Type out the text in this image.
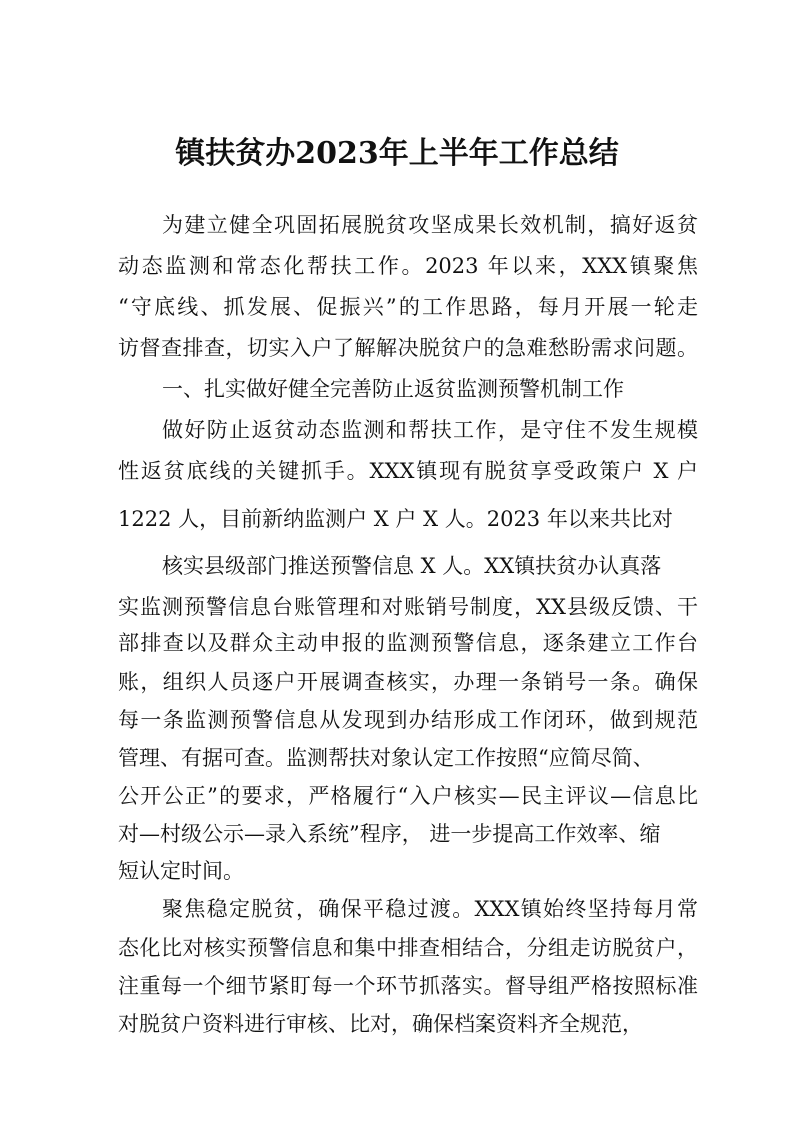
镇扶贫办2023年上半年工作总结
为建立健全巩固拓展脱贫攻坚成果长效机制，搞好返贫
动态监测和常态化帮扶工作。2023 年以来，XXX镇聚焦
“守底线、抓发展、促振兴”的工作思路，每月开展一轮走
访督查排查，切实入户了解解决脱贫户的急难愁盼需求问题。
一、扎实做好健全完善防止返贫监测预警机制工作
做好防止返贫动态监测和帮扶工作，是守住不发生规模
性返贫底线的关键抓手。XXX镇现有脱贫享受政策户 X 户
1222 人，目前新纳监测户 X 户 X 人。2023 年以来共比对
核实县级部门推送预警信息 X 人。XX镇扶贫办认真落
实监测预警信息台账管理和对账销号制度，XX县级反馈、干
部排查以及群众主动申报的监测预警信息，逐条建立工作台
账，组织人员逐户开展调查核实，办理一条销号一条。确保
每一条监测预警信息从发现到办结形成工作闭环，做到规范
管理、有据可查。监测帮扶对象认定工作按照“应简尽简、
公开公正”的要求，严格履行“入户核实—民主评议—信息比
对—村级公示—录入系统”程序， 进一步提高工作效率、缩
短认定时间。
聚焦稳定脱贫，确保平稳过渡。XXX镇始终坚持每月常
态化比对核实预警信息和集中排查相结合，分组走访脱贫户，
注重每一个细节紧盯每一个环节抓落实。督导组严格按照标准
对脱贫户资料进行审核、比对，确保档案资料齐全规范，
